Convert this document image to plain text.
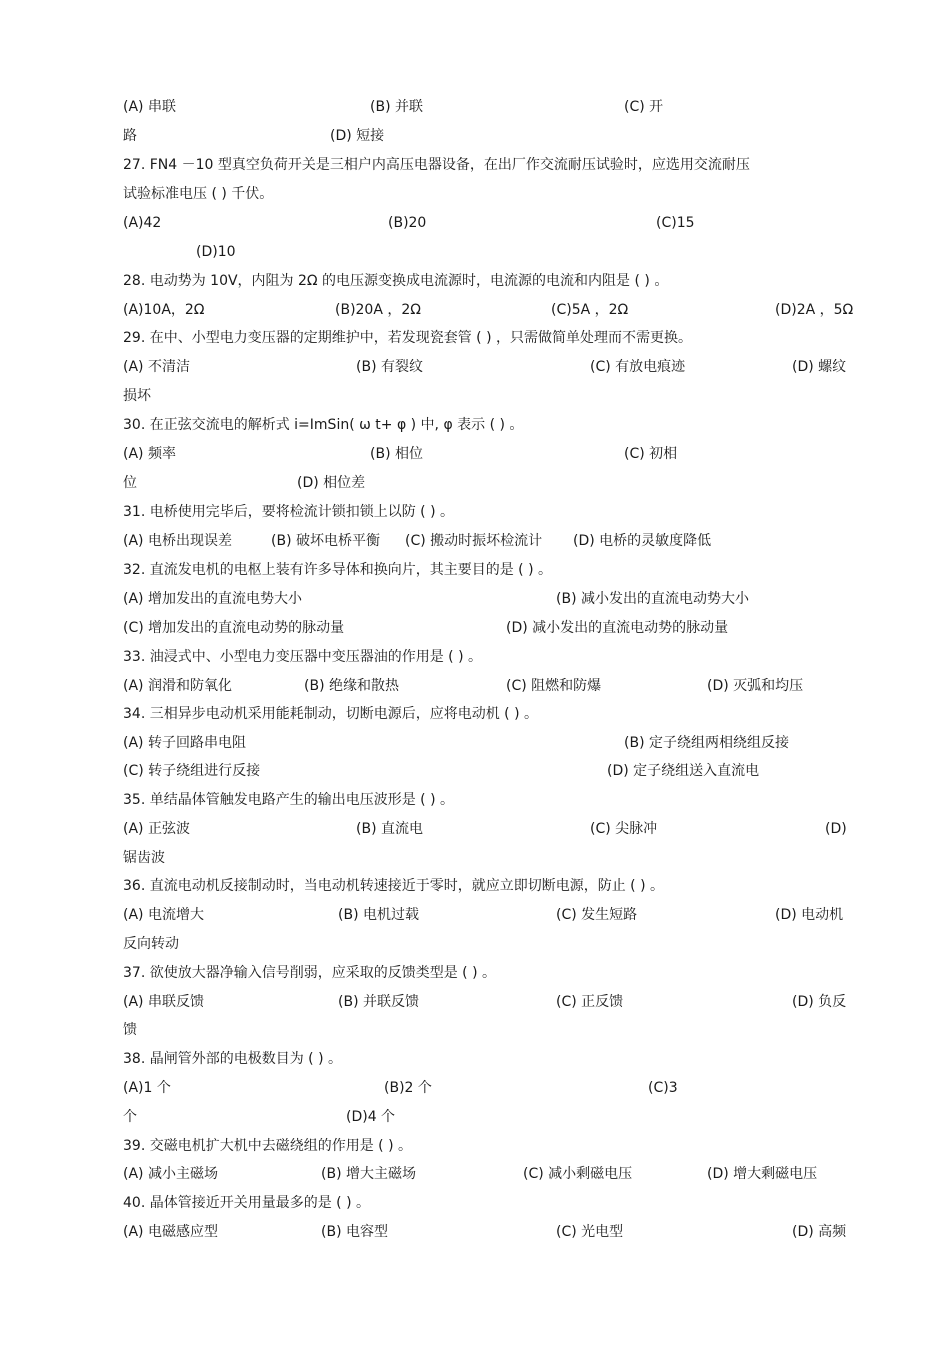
(A) 串联	(B) 并联	(C) 开
路	(D) 短接
27. FN4 －10 型真空负荷开关是三相户内高压电器设备，在出厂作交流耐压试验时，应选用交流耐压
试验标准电压 ( ) 千伏。
(A)42	(B)20	(C)15
(D)10
28. 电动势为 10V，内阻为 2Ω 的电压源变换成电流源时，电流源的电流和内阻是 ( ) 。
(A)10A，2Ω	(B)20A ，2Ω	(C)5A ，2Ω	(D)2A ，5Ω
29. 在中、小型电力变压器的定期维护中，若发现瓷套管 ( ) ，只需做简单处理而不需更换。
(A) 不清洁	(B) 有裂纹	(C) 有放电痕迹	(D) 螺纹
损坏
30. 在正弦交流电的解析式 i=ImSin( ω t+ φ ) 中, φ 表示 ( ) 。
(A) 频率	(B) 相位	(C) 初相
位	(D) 相位差
31. 电桥使用完毕后，要将检流计锁扣锁上以防 ( ) 。
(A) 电桥出现误差	(B) 破坏电桥平衡 (C) 搬动时振坏检流计 (D) 电桥的灵敏度降低
32. 直流发电机的电枢上装有许多导体和换向片，其主要目的是 ( ) 。
(A) 增加发出的直流电势大小	(B) 减小发出的直流电动势大小
(C) 增加发出的直流电动势的脉动量	(D) 减小发出的直流电动势的脉动量
33. 油浸式中、小型电力变压器中变压器油的作用是 ( ) 。
(A) 润滑和防氧化	(B) 绝缘和散热	(C) 阻燃和防爆	(D) 灭弧和均压
34. 三相异步电动机采用能耗制动，切断电源后，应将电动机 ( ) 。
(A) 转子回路串电阻	(B) 定子绕组两相绕组反接
(C) 转子绕组进行反接	(D) 定子绕组送入直流电
35. 单结晶体管触发电路产生的输出电压波形是 ( ) 。
(A) 正弦波	(B) 直流电	(C) 尖脉冲	(D)
锯齿波
36. 直流电动机反接制动时，当电动机转速接近于零时，就应立即切断电源，防止 ( ) 。
(A) 电流增大	(B) 电机过载	(C) 发生短路	(D) 电动机
反向转动
37. 欲使放大器净输入信号削弱，应采取的反馈类型是 ( ) 。
(A) 串联反馈	(B) 并联反馈	(C) 正反馈	(D) 负反
馈
38. 晶闸管外部的电极数目为 ( ) 。
(A)1 个	(B)2 个	(C)3
个	(D)4 个
39. 交磁电机扩大机中去磁绕组的作用是 ( ) 。
(A) 减小主磁场	(B) 增大主磁场	(C) 减小剩磁电压	(D) 增大剩磁电压
40. 晶体管接近开关用量最多的是 ( ) 。
(A) 电磁感应型	(B) 电容型	(C) 光电型	(D) 高频
